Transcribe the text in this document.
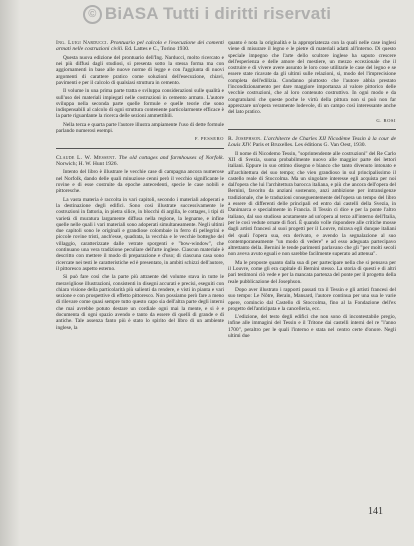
© BiASA Tutti i diritti riservati

Ing. Luigi Narducci. Prontuario pel calcolo e l'esecuzione dei comenti armati nelle costruzioni civili. Ed. Lattes e C., Torino 1930.

Questa nuova edizione del prontuario dell'Ing. Narducci, molto ricercato e nei più diffusi dagli studiosi, si presenta sotto la stessa forma ma con aggiornamenti in base alle nuove norme di legge e con l'aggiunta di nuovi argomenti di carattere pratico come soluzioni dell'esecuzione, chiavi, pavimenti e per il calcolo di qualsiasi struttura in cemento.

Il volume in una prima parte tratta e sviluppa considerazioni sulle qualità e sull'uso dei materiali impiegati nelle costruzioni in cemento armato. L'autore sviluppa nella seconda parte quelle formule e quelle teorie che sono indispensabili al calcolo di ogni struttura contenente particolarmente efficace è la parte riguardante la ricerca delle sezioni ammettibili.

Nella terza e quarta parte l'autore illustra ampiamente l'uso di dette formule parlando numerosi esempi.

F. PESSERO

Claude L. W. Messent. The old cottages and farmhouses of Norfolk. Norwich; H. W. Hunt 1926.

Intento del libro è illustrare le vecchie case di campagna ancora numerose nel Norfolk, dando delle quali minuziose cenni però il vecchio significante le rovine e di esse costruite da epoche antecedenti, specie le case nobili e pittoresche.

La vasta materia è raccolta in vari capitoli, secondo i materiali adoperati e la destinazione degli edifici. Sono così illustrate successivamente le costruzioni in fattoria, in pietra silice, in blocchi di argilla, le cottages, i tipi di varietà di muratura largamente diffusa nella regione, la legname, e infine quelle nelle quali i vari materiali sono adoperati simultaneamente. Negli ultimi due capitoli sono le originali e grandiose colombaie in ferro di pellegrini e piccole rovine tristi, anch'esse, quadrata, la vecchia e le vecchie botteghe del villaggio, caratterizzate dalle vetrate sporgenti e "bow-window", che continuano una vera tradizione peculiare dell'arte inglese. Ciascun materiale è descritto con mettere il modo di preparazione e d'uso; di ciascuna casa sono ricercate nei testi le caratteristiche ed è presentato, in ambiti schizzi dell'autore, il pittoresco aspetto esterno.

Si può fare così che la parte più attraente del volume stava in tutte le meravigliose illustrazioni, consistenti in disegni accurati e precisi, eseguiti con chiara visione della particolarità più salienti da rendere, e visti in pianta e vari sezione e con prospettive di effetto pittoresco. Non possiamo però fare a meno di rilevare come quasi sempre tutto questo capo sia dell'altra parte degli interni che mai avrebbe potuto destare un cordiale ogni mai la mente, e si è e documenta di ogni spazio avendo e tanto da essere di quelli di grande e di antiche. Tale assenza fanto più è stato lo spirito del libro di un ambiente inglese, la

quanto è nota la originalità e la appropriatezza con la quali nelle case inglesi viene di misurare il legno e le pietre di materiali adatti all'interno. Di questo speciale impegno che l'arte dello scultore inglese ha saputo crescere dell'esperienza e delle amore del mestiere, un mezzo eccezionale che il costruire e di vivere avere assunto le loro cose utilitarie le case del legno e se essere state ricavate da gli ultimi sulle relazioni, si, modo del l'imprecisione completa dell'edilizia. Condanno piuttosto che l'autore abbia prestato l'incondizionamento per dare maggiore importanza al valore pittorico delle vecchie costruzioni, che al loro contenuto costruttivo. In ogni modo e da congratularsi che queste poche le virtù della pittura non si può non far apprezzare un'opera veramente lodevole, di un campo così interessante anche del lato pratico.

G. ROSI

R. Josephson. L'architecte de Charles XII Nicodème Tessin à la cour de Louis XIV. Paris et Bruxelles. Les éditions G. Van Oest, 1930.

Il nome di Nicodemo Tessin, "soprintendente alle costruzioni" del Re Carlo XII di Svezia, suona probabilmente nuovo alle maggior parte dei lettori italiani. Eppure in suo ottimo disegno e bianco che tanto divenuto intonato e all'architettura del suo tempo; che vien grandioso in sul principalissimo il castello reale di Stoccolma. Ma un singolare interesse egli acquista per noi dall'opera che lui l'architettura barocca italiana, e più che ancora dell'opera del Bernini, favorito da anziani sostenuto, anzi ambizione per intransigenze tradizionale, che le traduzioni conseguentemente dell'opera un tempo del libro a essere di differenti delle principali ed entro dai castelli della Svezia, in Danimarca e specialmente in Francia. Il Tessin ci dice e per la ponte l'altro italiano, dal suo studioso acutamente ad un'opera al terzo all'interno dell'Italia, per le così vedute ornate di fiori. È quando volle rispondere alle critiche mosse dagli artisti francesi al suoi progetti per il Louvre, mirava egli dunque italiani del quali l'opera sua, era derivato, e avendo la segnalazione al suo contemporaneamente "un modo di vedere" e ad esso adeguata partecipavo altrettanto della. Bernini le tende parimenti parlavano che gli "per molti secoli non aveva avuto eguali e non sarebbe facilmente superato ad attenua".

Ma le proposte quanto dalla sua di per partecipare nella che si pensava per il Louvre, come gli era capitale di Bernini stesso. La storia di questi e di altri pari testimoni ciò vede e per la mancata partenza del ponte per il progetto della reale pubblicazione del Josephson.

Dopo aver illustrato i rapporti passati tra il Tessin e gli artisti francesi del suo tempo: Le Nôtre, Berain, Mansard, l'autore continua per una sua le varie opere, comincio dal Castello di Stoccolma, fino al la Fondazione dell'ex progetto dell'anticipata e la cancelleria, ecc.

L'edizione, del testo degli edifici che non sono di incontestabile pregio, infine alle immagini del Tessin e il Tritone dai castelli interni del re "l'anno 1700", peraltro per le quali l'interno e stata nel centro certe d'onore. Negli ultimi due

141
